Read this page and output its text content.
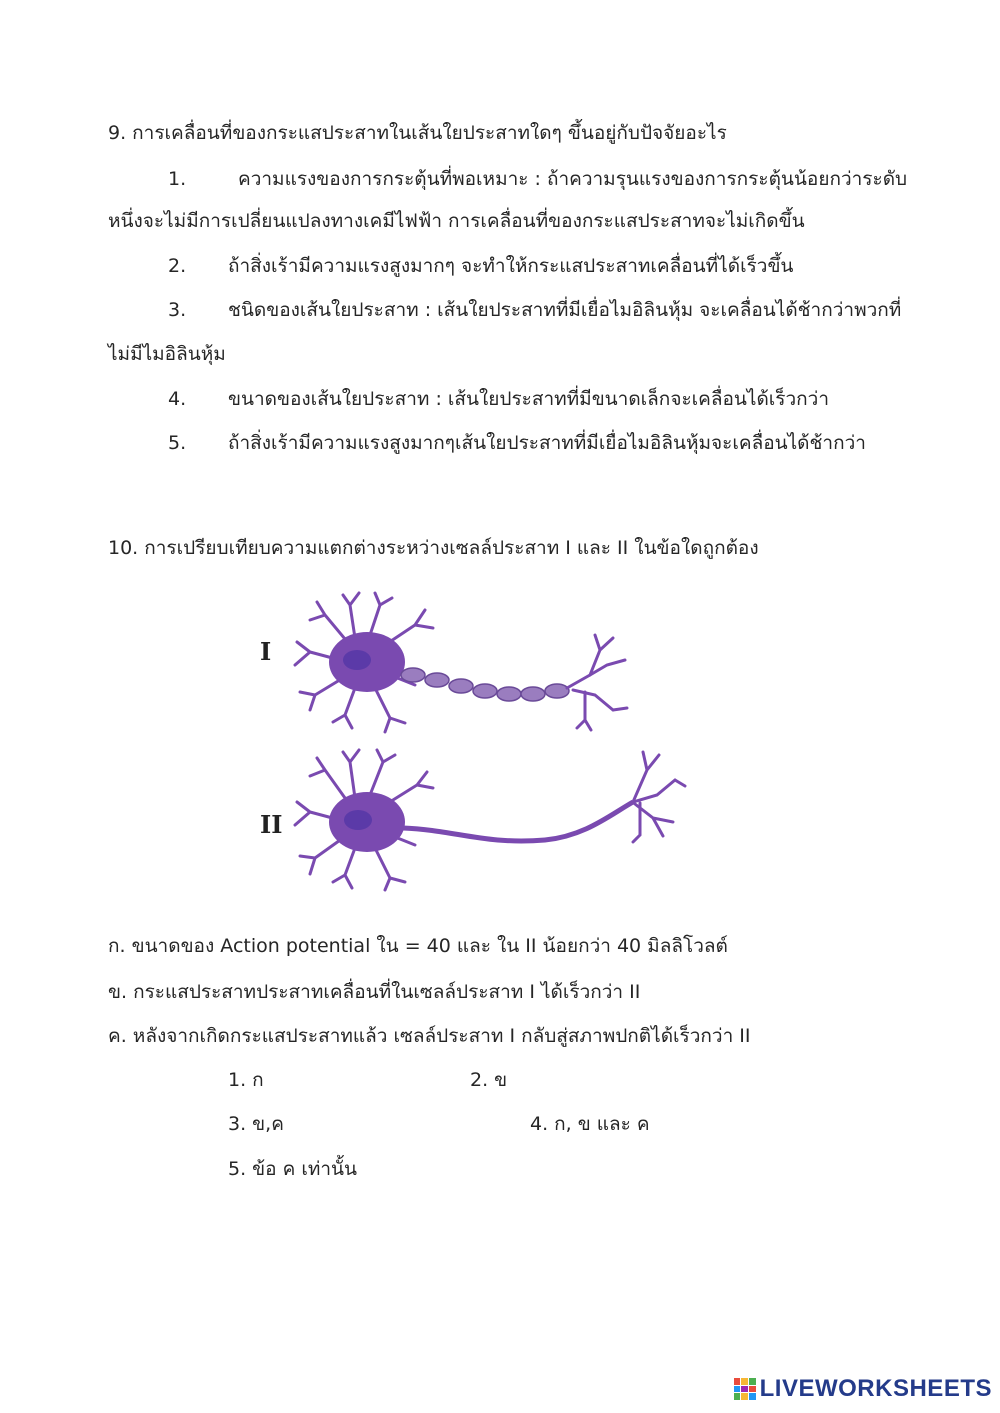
9. การเคลื่อนที่ของกระแสประสาทในเส้นใยประสาทใดๆ ขึ้นอยู่กับปัจจัยอะไร
1.	ความแรงของการกระตุ้นที่พอเหมาะ : ถ้าความรุนแรงของการกระตุ้นน้อยกว่าระดับ
หนึ่งจะไม่มีการเปลี่ยนแปลงทางเคมีไฟฟ้า การเคลื่อนที่ของกระแสประสาทจะไม่เกิดขึ้น
2. ถ้าสิ่งเร้ามีความแรงสูงมากๆ จะทำให้กระแสประสาทเคลื่อนที่ได้เร็วขึ้น
3. ชนิดของเส้นใยประสาท : เส้นใยประสาทที่มีเยื่อไมอิลินหุ้ม จะเคลื่อนได้ช้ากว่าพวกที่
ไม่มีไมอิลินหุ้ม
4. ขนาดของเส้นใยประสาท : เส้นใยประสาทที่มีขนาดเล็กจะเคลื่อนได้เร็วกว่า
5. ถ้าสิ่งเร้ามีความแรงสูงมากๆเส้นใยประสาทที่มีเยื่อไมอิลินหุ้มจะเคลื่อนได้ช้ากว่า
10. การเปรียบเทียบความแตกต่างระหว่างเซลล์ประสาท I และ II ในข้อใดถูกต้อง
I
II
ก. ขนาดของ Action potential ใน = 40 และ ใน II น้อยกว่า 40 มิลลิโวลต์
ข. กระแสประสาทประสาทเคลื่อนที่ในเซลล์ประสาท I ได้เร็วกว่า II
ค. หลังจากเกิดกระแสประสาทแล้ว เซลล์ประสาท I กลับสู่สภาพปกติได้เร็วกว่า II
1. ก	2. ข
3. ข,ค	4. ก, ข และ ค
5. ข้อ ค เท่านั้น
LIVEWORKSHEETS
